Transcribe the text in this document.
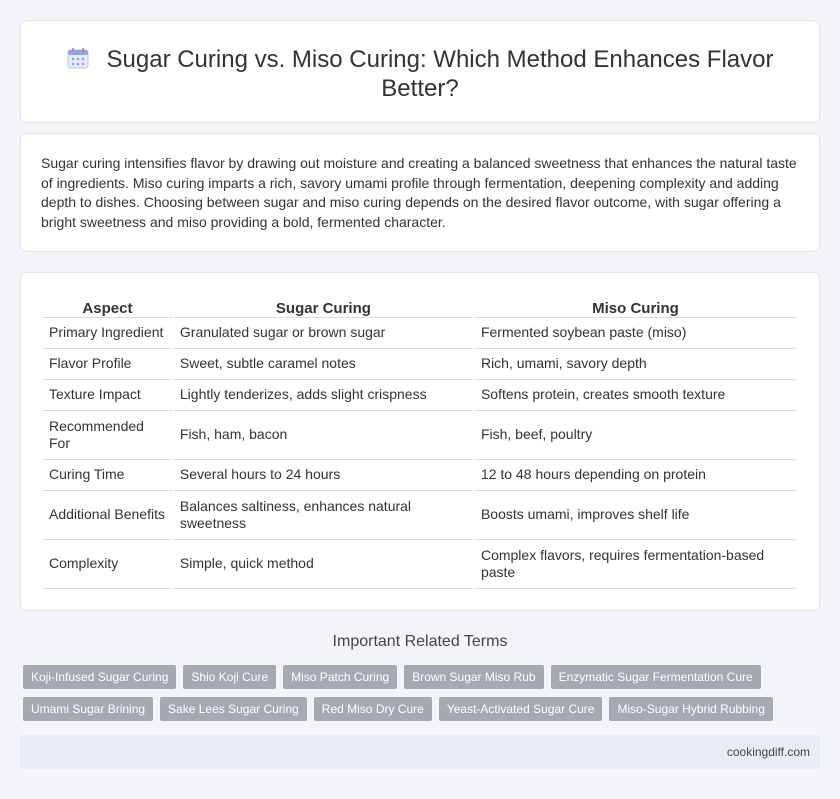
Sugar Curing vs. Miso Curing: Which Method Enhances Flavor Better?

Sugar curing intensifies flavor by drawing out moisture and creating a balanced sweetness that enhances the natural taste of ingredients. Miso curing imparts a rich, savory umami profile through fermentation, deepening complexity and adding depth to dishes. Choosing between sugar and miso curing depends on the desired flavor outcome, with sugar offering a bright sweetness and miso providing a bold, fermented character.

Aspect	Sugar Curing	Miso Curing
Primary Ingredient	Granulated sugar or brown sugar	Fermented soybean paste (miso)
Flavor Profile	Sweet, subtle caramel notes	Rich, umami, savory depth
Texture Impact	Lightly tenderizes, adds slight crispness	Softens protein, creates smooth texture
Recommended For	Fish, ham, bacon	Fish, beef, poultry
Curing Time	Several hours to 24 hours	12 to 48 hours depending on protein
Additional Benefits	Balances saltiness, enhances natural sweetness	Boosts umami, improves shelf life
Complexity	Simple, quick method	Complex flavors, requires fermentation-based paste
Important Related Terms
Koji-Infused Sugar Curing	Shio Koji Cure	Miso Patch Curing	Brown Sugar Miso Rub	Enzymatic Sugar Fermentation Cure
Umami Sugar Brining	Sake Lees Sugar Curing	Red Miso Dry Cure	Yeast-Activated Sugar Cure	Miso-Sugar Hybrid Rubbing
cookingdiff.com
